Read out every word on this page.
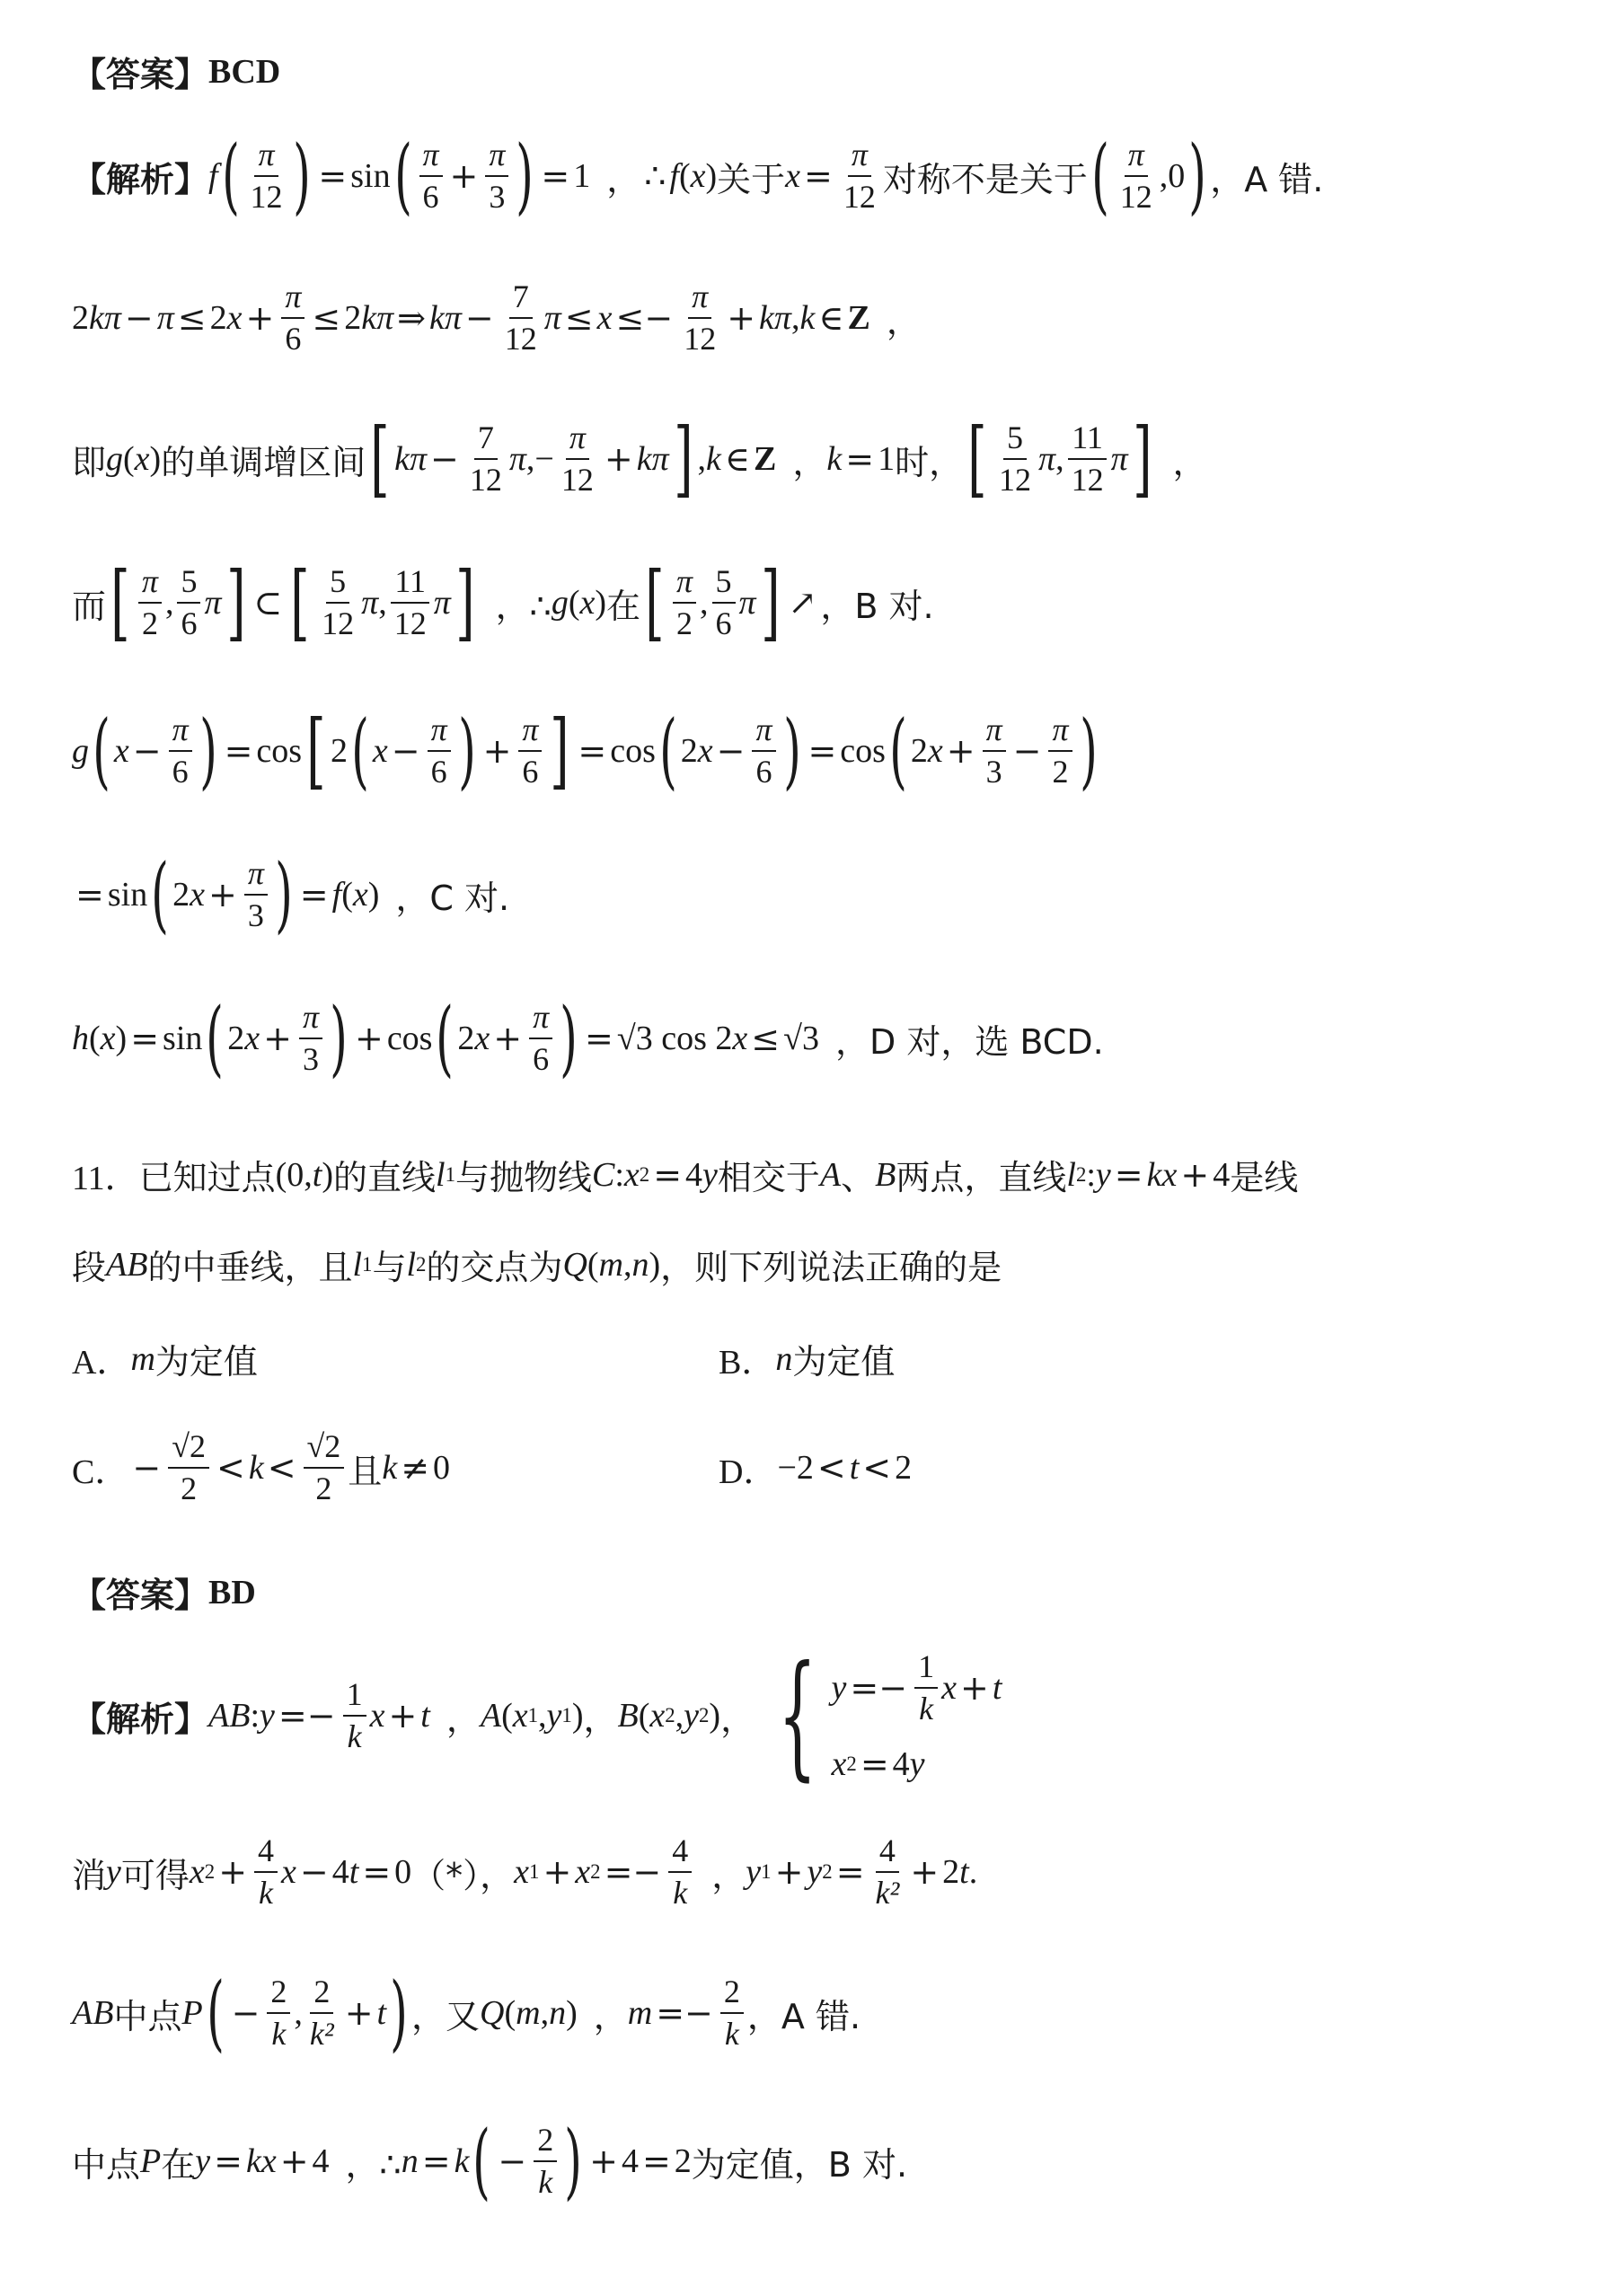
【答案】 BCD
【解析】 f ( $\frac{\pi}{12}$ ) = sin ( $\frac{\pi}{6} + \frac{\pi}{3}$ ) = 1 ， ∴ f ( x ) 关于 $x = \frac{\pi}{12}$ 对称不是关于 ( $\frac{\pi}{12} ,0$ ) ，A 错.
2 kπ − π ≤ 2 $x + \frac{\pi}{6} \le 2$ kπ ⇒ $k\pi - \frac{7}{12}$ $\pi \le x \le- \frac{\pi}{12} + k\pi$ , k ∈ Z ，
即 g ( x ) 的单调增区间 [ $k\pi - \frac{7}{12}$ π ,− $\frac{\pi}{12} + k\pi$ ] , k ∈ Z ， k = 1 时， [ $\frac{5}{12}$ π , $\frac{11}{12}$ π ] ，
而 [ $\frac{\pi}{2}$ , $\frac{5}{6}$ π ] ⊂ [ $\frac{5}{12}$ π , $\frac{11}{12}$ π ] ，∴ g ( x ) 在 [ $\frac{\pi}{2}$ , $\frac{5}{6}$ π ] ↗ ，B 对.
g ( $x - \frac{\pi}{6}$ ) = cos [ 2 ( $x - \frac{\pi}{6}$ ) + $\frac{\pi}{6}$ ] = cos ( 2 $x - \frac{\pi}{6}$ ) = cos ( 2 $x + \frac{\pi}{3} - \frac{\pi}{2}$ )
= sin ( 2 $x + \frac{\pi}{3}$ ) = f ( x ) ，C 对.
h ( x ) = sin ( 2 $x + \frac{\pi}{3}$ ) + cos ( 2 $x + \frac{\pi}{6}$ ) = √3 cos 2 x ≤ √3 ，D 对，选 BCD.
11． 已知过点 (0, t ) 的直线 l 1 与抛物线 C : x 2 = 4 y 相交于 A 、 B 两点，直线 l 2 : y = kx + 4 是线
段 AB 的中垂线，且 l 1 与 l 2 的交点为 Q ( m , n ) ，则下列说法正确的是
A． m 为定值	B． n 为定值
C． − $\frac{√2}{2} < k < \frac{√2}{2}$ 且 k ≠ 0	D． −2 < t < 2
【答案】 BD
【解析】 AB : $y =- \frac{1}{k}$ x + t ， A ( x 1 , y 1 ) ， B ( x 2 , y 2 ) ， { $y =- \frac{1}{k}$ x + t
x 2 = 4 y
消 y 可得 x $2 + \frac{4}{k}$ x − 4 t = 0 （*）， x 1 + x $2 =- \frac{4}{k}$ ， y 1 + y $2 = \frac{4}{\text{k²}} + 2$ t .
AB 中点 P ( − $\frac{2}{k}$ , $\frac{2}{\text{k²}} + t$ ) ，又 Q ( m , n ) ， $m =- \frac{2}{k}$ ，A 错.
中点 P 在 y = kx + 4 ，∴ n = k ( − $\frac{2}{k}$ ) + 4 = 2 为定值，B 对.
